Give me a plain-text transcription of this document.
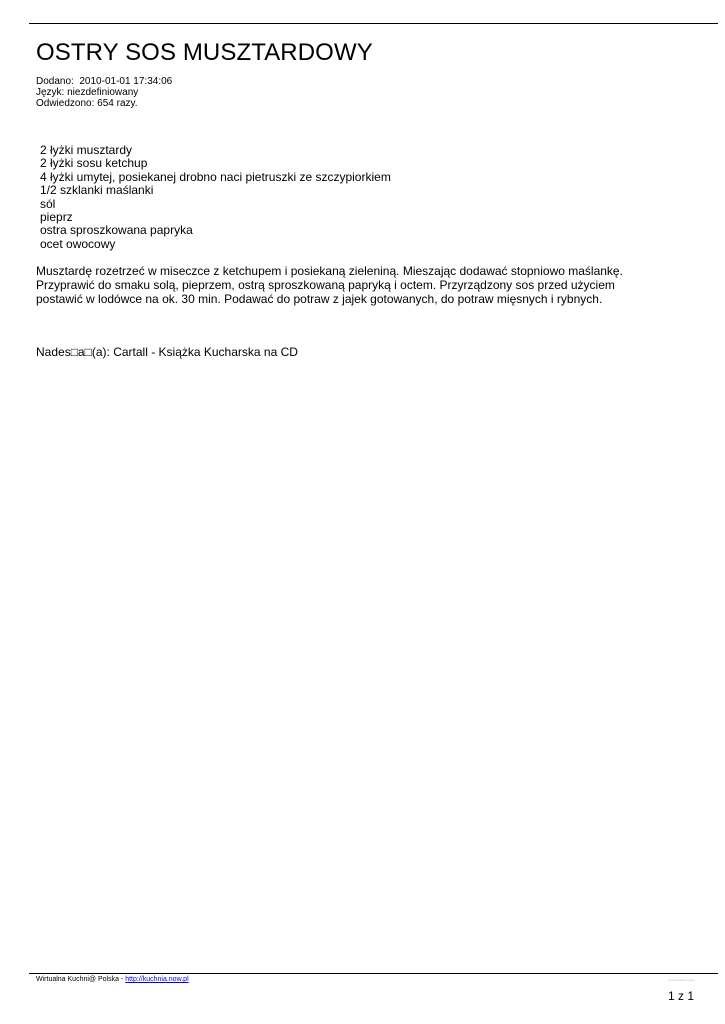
OSTRY SOS MUSZTARDOWY
Dodano:  2010-01-01 17:34:06
Język: niezdefiniowany
Odwiedzono: 654 razy.
2 łyżki musztardy
2 łyżki sosu ketchup
4 łyżki umytej, posiekanej drobno naci pietruszki ze szczypiorkiem
1/2 szklanki maślanki
sól
pieprz
ostra sproszkowana papryka
ocet owocowy

Musztardę rozetrzeć w miseczce z ketchupem i posiekaną zieleniną. Mieszając dodawać stopniowo maślankę.
Przyprawić do smaku solą, pieprzem, ostrą sproszkowaną papryką i octem. Przyrządzony sos przed użyciem
postawić w lodówce na ok. 30 min. Podawać do potraw z jajek gotowanych, do potraw mięsnych i rybnych.

Nades□a□(a): Cartall - Książka Kucharska na CD
Wirtualna Kuchni@ Polska - http://kuchnia.now.pl	www.kuchnia.now.pl
1 z 1
